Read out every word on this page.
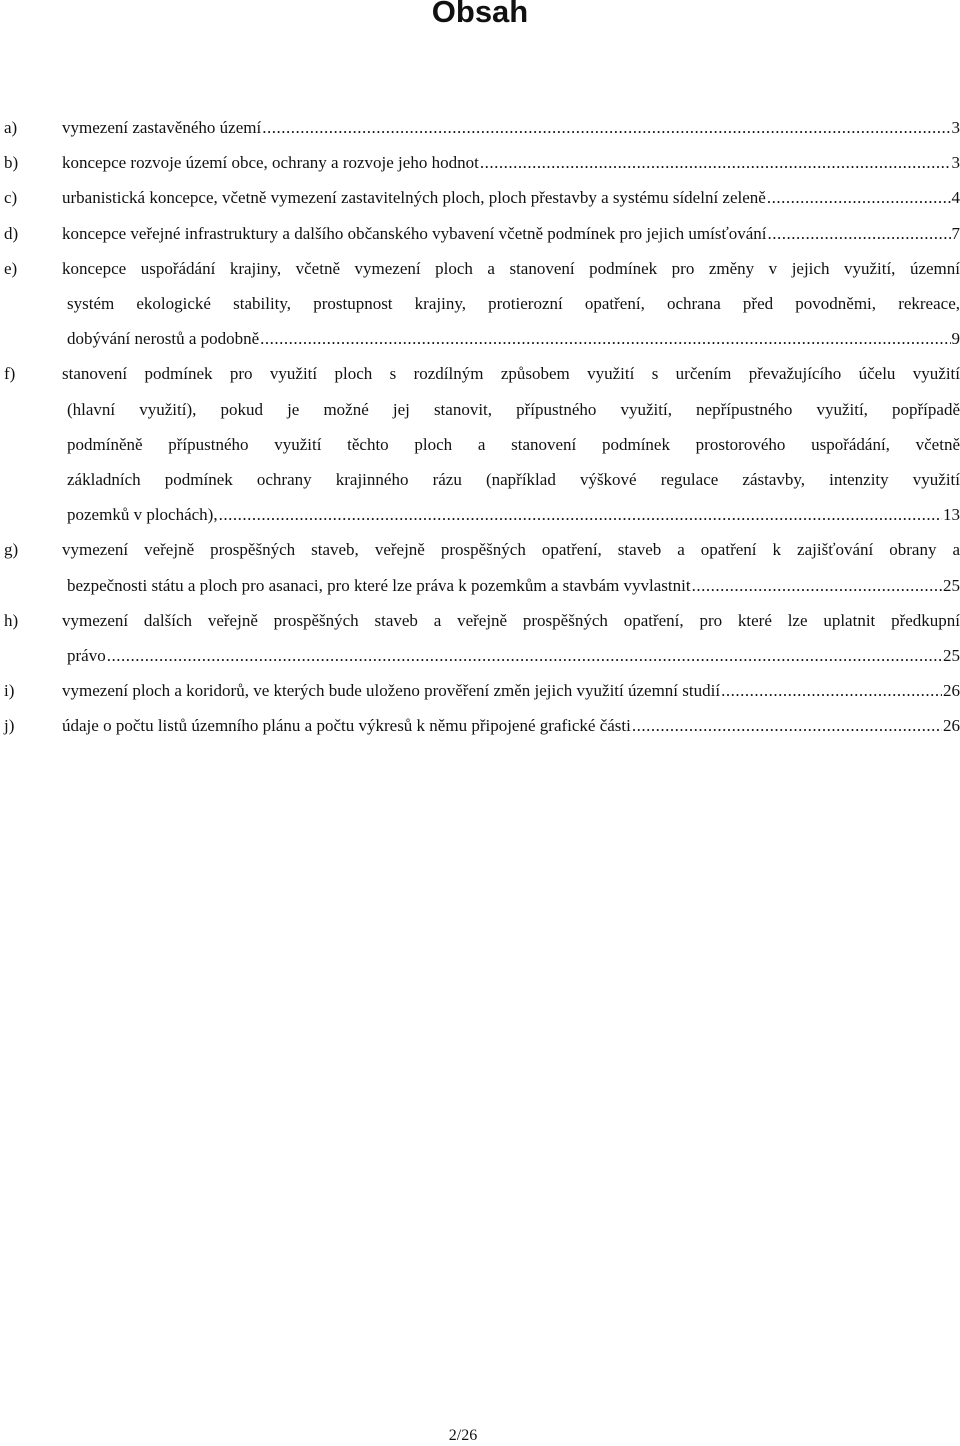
Obsah
a)	vymezení zastavěného území .....	3
b)	koncepce rozvoje území obce, ochrany a rozvoje jeho hodnot .....	3
c)	urbanistická koncepce, včetně vymezení zastavitelných ploch, ploch přestavby a systému sídelní zeleně .....	4
d)	koncepce veřejné infrastruktury a dalšího občanského vybavení včetně podmínek pro jejich umísťování .....	7
e)	koncepce uspořádání krajiny, včetně vymezení ploch a stanovení podmínek pro změny v jejich využití, územní
systém ekologické stability, prostupnost krajiny, protierozní opatření, ochrana před povodněmi, rekreace,
dobývání nerostů a podobně .....	9
f)	stanovení podmínek pro využití ploch s rozdílným způsobem využití s určením převažujícího účelu využití
(hlavní využití), pokud je možné jej stanovit, přípustného využití, nepřípustného využití, popřípadě
podmíněně přípustného využití těchto ploch a stanovení podmínek prostorového uspořádání, včetně
základních podmínek ochrany krajinného rázu (například výškové regulace zástavby, intenzity využití
pozemků v plochách), .....	13
g)	vymezení veřejně prospěšných staveb, veřejně prospěšných opatření, staveb a opatření k zajišťování obrany a
bezpečnosti státu a ploch pro asanaci, pro které lze práva k pozemkům a stavbám vyvlastnit .....	25
h)	vymezení dalších veřejně prospěšných staveb a veřejně prospěšných opatření, pro které lze uplatnit předkupní
právo .....	25
i)	vymezení ploch a koridorů, ve kterých bude uloženo prověření změn jejich využití územní studií .....	26
j)	údaje o počtu listů územního plánu a počtu výkresů k němu připojené grafické části .....	26
2/26
